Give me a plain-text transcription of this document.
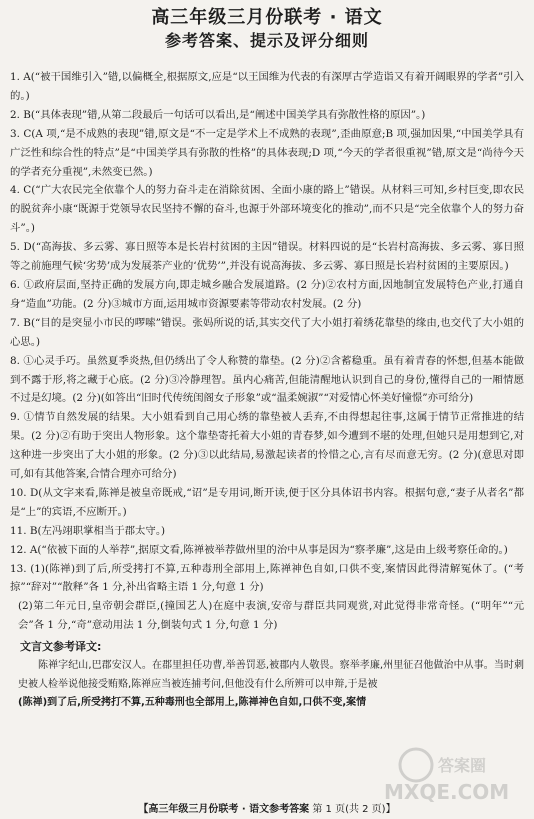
高三年级三月份联考 · 语文
参考答案、提示及评分细则

1. A(“被干国维引入”错,以偏概全,根据原文,应是“以王国维为代表的有深厚古学造诣又有着开阔眼界的学者”引入的。)

2. B(“具体表现”错,从第二段最后一句话可以看出,是“阐述中国美学具有弥散性格的原因”。)

3. C(A 项,“是不成熟的表现”错,原文是“不一定是学术上不成熟的表现”,歪曲原意;B 项,强加因果,“中国美学具有广泛性和综合性的特点”是“中国美学具有弥散的性格”的具体表现;D 项,“今天的学者很重视”错,原文是“尚待今天的学者充分重视”,未然变已然。)

4. C(“广大农民完全依靠个人的努力奋斗走在消除贫困、全面小康的路上”错误。从材料三可知,乡村巨变,即农民的脱贫奔小康“既源于党领导农民坚持不懈的奋斗,也源于外部环境变化的推动”,而不只是“完全依靠个人的努力奋斗”。)

5. D(“高海拔、多云雾、寡日照等本是长岩村贫困的主因”错误。材料四说的是“长岩村高海拔、多云雾、寡日照等之前施理气候‘劣势’成为发展茶产业的‘优势’”,并没有说高海拔、多云雾、寡日照是长岩村贫困的主要原因。)

6. ①政府层面,坚持正确的发展方向,即走城乡融合发展道路。(2 分)②农村方面,因地制宜发展特色产业,打通自身“造血”功能。(2 分)③城市方面,运用城市资源要素等带动农村发展。(2 分)

7. B(“目的是突显小市民的啰嗦”错误。张妈所说的话,其实交代了大小姐打着绣花靠垫的缘由,也交代了大小姐的心思。)

8. ①心灵手巧。虽然夏季炎热,但仍绣出了令人称赞的靠垫。(2 分)②含蓄稳重。虽有着青春的怀想,但基本能做到不露于形,将之藏于心底。(2 分)③冷静理智。虽内心痛苦,但能清醒地认识到自己的身份,懂得自己的一厢情愿不过是幻境。(2 分)(如答出“旧时代传统闺阁女子形象”或“温柔婉淑”“对爱情心怀美好憧憬”亦可给分)

9. ①情节自然发展的结果。大小姐看到自己用心绣的靠垫被人丢弃,不由得想起往事,这属于情节正常推进的结果。(2 分)②有助于突出人物形象。这个靠垫寄托着大小姐的青春梦,如今遭到不堪的处理,但她只是用想到它,对这种进一步突出了大小姐的形象。(2 分)③以此结局,易激起读者的怜惜之心,言有尽而意无穷。(2 分)(意思对即可,如有其他答案,合情合理亦可给分)

10. D(从文字来看,陈禅是被皇帝既戒,“诏”是专用词,断开读,便于区分具体诏书内容。根据句意,“妻子从者名”都是“上”的宾语,不应断开。)

11. B(左冯翊职掌相当于郡太守。)

12. A(“依被下面的人举荐”,据原文看,陈禅被举荐做州里的治中从事是因为“察孝廉”,这是由上级考察任命的。)

13. (1)(陈禅)到了后,所受拷打不算,五种毒刑全部用上,陈禅神色自如,口供不变,案情因此得清解冤休了。(“考掠”“辞对”“散释”各 1 分,补出省略主语 1 分,句意 1 分)

(2)第二年元日,皇帝朝会群臣,(撞国艺人)在庭中表演,安帝与群臣共同观赏,对此觉得非常奇怪。(“明年”“元会”各 1 分,“奇”意动用法 1 分,倒装句式 1 分,句意 1 分)

文言文参考译文:

陈禅字纪山,巴郡安汉人。在郡里担任功曹,举善罚恶,被郡内人敬畏。察举孝廉,州里征召他做治中从事。当时刺史被人检举说他接受贿赂,陈禅应当被连捕考问,但他没有什么所辨可以申辩,于是被

(陈禅)到了后,所受拷打不算,五种毒刑也全部用上,陈禅神色自如,口供不变,案情

答案圈
MXQE.COM
【高三年级三月份联考 · 语文参考答案 第 1 页(共 2 页)】
